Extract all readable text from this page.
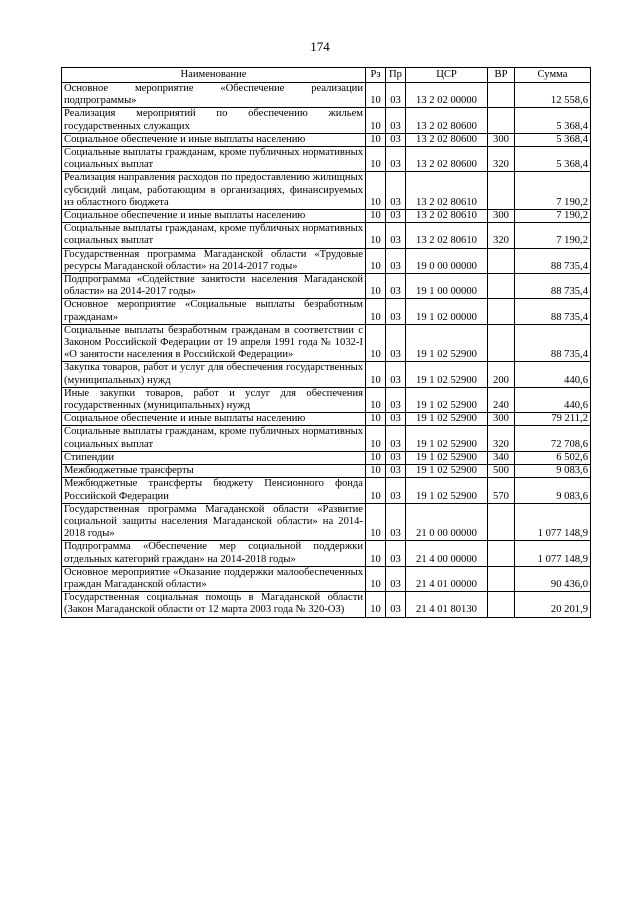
174
Наименование	Рз	Пр	ЦСР	ВР	Сумма
Основное мероприятие «Обеспечение реализации подпрограммы»	10	03	13 2 02 00000		12 558,6
Реализация мероприятий по обеспечению жильем государственных служащих	10	03	13 2 02 80600		5 368,4
Социальное обеспечение и иные выплаты населению	10	03	13 2 02 80600	300	5 368,4
Социальные выплаты гражданам, кроме публичных нормативных социальных выплат	10	03	13 2 02 80600	320	5 368,4
Реализация направления расходов по предоставлению жилищных субсидий лицам, работающим в организациях, финансируемых из областного бюджета	10	03	13 2 02 80610		7 190,2
Социальное обеспечение и иные выплаты населению	10	03	13 2 02 80610	300	7 190,2
Социальные выплаты гражданам, кроме публичных нормативных социальных выплат	10	03	13 2 02 80610	320	7 190,2
Государственная программа Магаданской области «Трудовые ресурсы Магаданской области» на 2014-2017 годы»	10	03	19 0 00 00000		88 735,4
Подпрограмма «Содействие занятости населения Магаданской области» на 2014-2017 годы»	10	03	19 1 00 00000		88 735,4
Основное мероприятие «Социальные выплаты безработным гражданам»	10	03	19 1 02 00000		88 735,4
Социальные выплаты безработным гражданам в соответствии с Законом Российской Федерации от 19 апреля 1991 года № 1032-I «О занятости населения в Российской Федерации»	10	03	19 1 02 52900		88 735,4
Закупка товаров, работ и услуг для обеспечения государственных (муниципальных) нужд	10	03	19 1 02 52900	200	440,6
Иные закупки товаров, работ и услуг для обеспечения государственных (муниципальных) нужд	10	03	19 1 02 52900	240	440,6
Социальное обеспечение и иные выплаты населению	10	03	19 1 02 52900	300	79 211,2
Социальные выплаты гражданам, кроме публичных нормативных социальных выплат	10	03	19 1 02 52900	320	72 708,6
Стипендии	10	03	19 1 02 52900	340	6 502,6
Межбюджетные трансферты	10	03	19 1 02 52900	500	9 083,6
Межбюджетные трансферты бюджету Пенсионного фонда Российской Федерации	10	03	19 1 02 52900	570	9 083,6
Государственная программа Магаданской области «Развитие социальной защиты населения Магаданской области» на 2014-2018 годы»	10	03	21 0 00 00000		1 077 148,9
Подпрограмма «Обеспечение мер социальной поддержки отдельных категорий граждан» на 2014-2018 годы»	10	03	21 4 00 00000		1 077 148,9
Основное мероприятие «Оказание поддержки малообеспеченных граждан Магаданской области»	10	03	21 4 01 00000		90 436,0
Государственная социальная помощь в Магаданской области (Закон Магаданской области от 12 марта 2003 года № 320-ОЗ)	10	03	21 4 01 80130		20 201,9
